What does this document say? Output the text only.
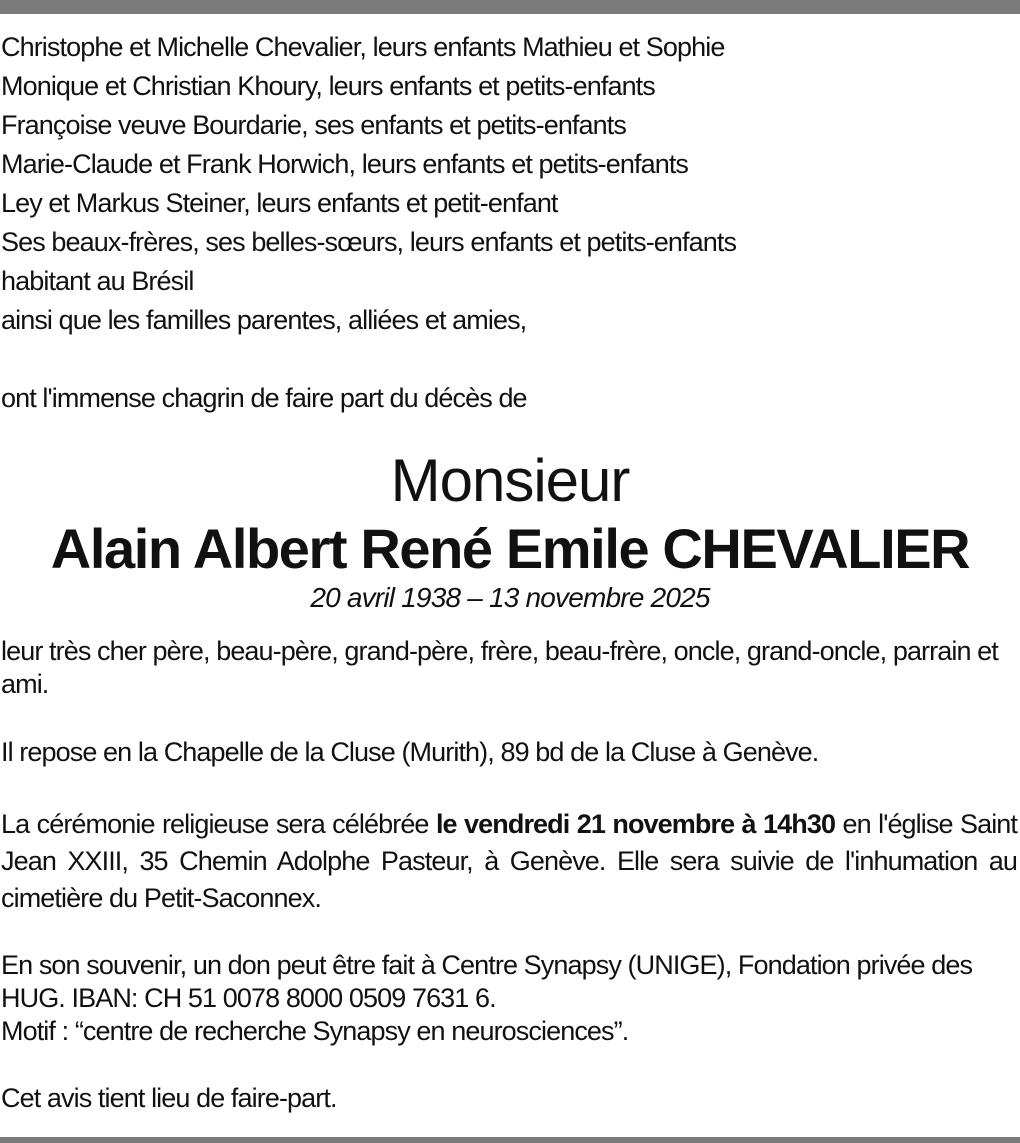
Christophe et Michelle Chevalier, leurs enfants Mathieu et Sophie
Monique et Christian Khoury, leurs enfants et petits-enfants
Françoise veuve Bourdarie, ses enfants et petits-enfants
Marie-Claude et Frank Horwich, leurs enfants et petits-enfants
Ley et Markus Steiner, leurs enfants et petit-enfant
Ses beaux-frères, ses belles-sœurs, leurs enfants et petits-enfants
habitant au Brésil
ainsi que les familles parentes, alliées et amies,
ont l'immense chagrin de faire part du décès de
Monsieur
Alain Albert René Emile CHEVALIER
20 avril 1938 – 13 novembre 2025
leur très cher père, beau-père, grand-père, frère, beau-frère, oncle, grand-oncle, parrain et ami.
Il repose en la Chapelle de la Cluse (Murith), 89 bd de la Cluse à Genève.
La cérémonie religieuse sera célébrée le vendredi 21 novembre à 14h30 en l'église Saint Jean XXIII, 35 Chemin Adolphe Pasteur, à Genève. Elle sera suivie de l'inhumation au cimetière du Petit-Saconnex.
En son souvenir, un don peut être fait à Centre Synapsy (UNIGE), Fondation privée des HUG. IBAN: CH 51 0078 8000 0509 7631 6.
Motif : “centre de recherche Synapsy en neurosciences”.
Cet avis tient lieu de faire-part.
